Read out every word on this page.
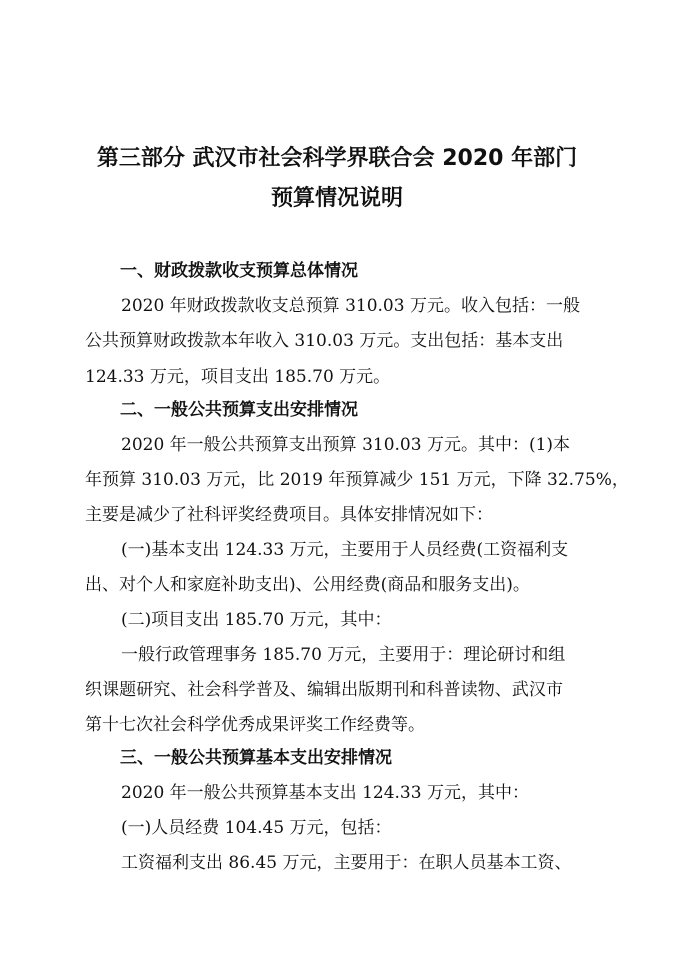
第三部分 武汉市社会科学界联合会 2020 年部门
预算情况说明
一、财政拨款收支预算总体情况
2020 年财政拨款收支总预算 310.03 万元。收入包括：一般
公共预算财政拨款本年收入 310.03 万元。支出包括：基本支出
124.33 万元，项目支出 185.70 万元。
二、一般公共预算支出安排情况
2020 年一般公共预算支出预算 310.03 万元。其中：(1)本
年预算 310.03 万元，比 2019 年预算减少 151 万元，下降 32.75%，
主要是减少了社科评奖经费项目。具体安排情况如下：
(一)基本支出 124.33 万元，主要用于人员经费(工资福利支
出、对个人和家庭补助支出)、公用经费(商品和服务支出)。
(二)项目支出 185.70 万元，其中：
一般行政管理事务 185.70 万元，主要用于：理论研讨和组
织课题研究、社会科学普及、编辑出版期刊和科普读物、武汉市
第十七次社会科学优秀成果评奖工作经费等。
三、一般公共预算基本支出安排情况
2020 年一般公共预算基本支出 124.33 万元，其中：
(一)人员经费 104.45 万元，包括：
工资福利支出 86.45 万元，主要用于：在职人员基本工资、
